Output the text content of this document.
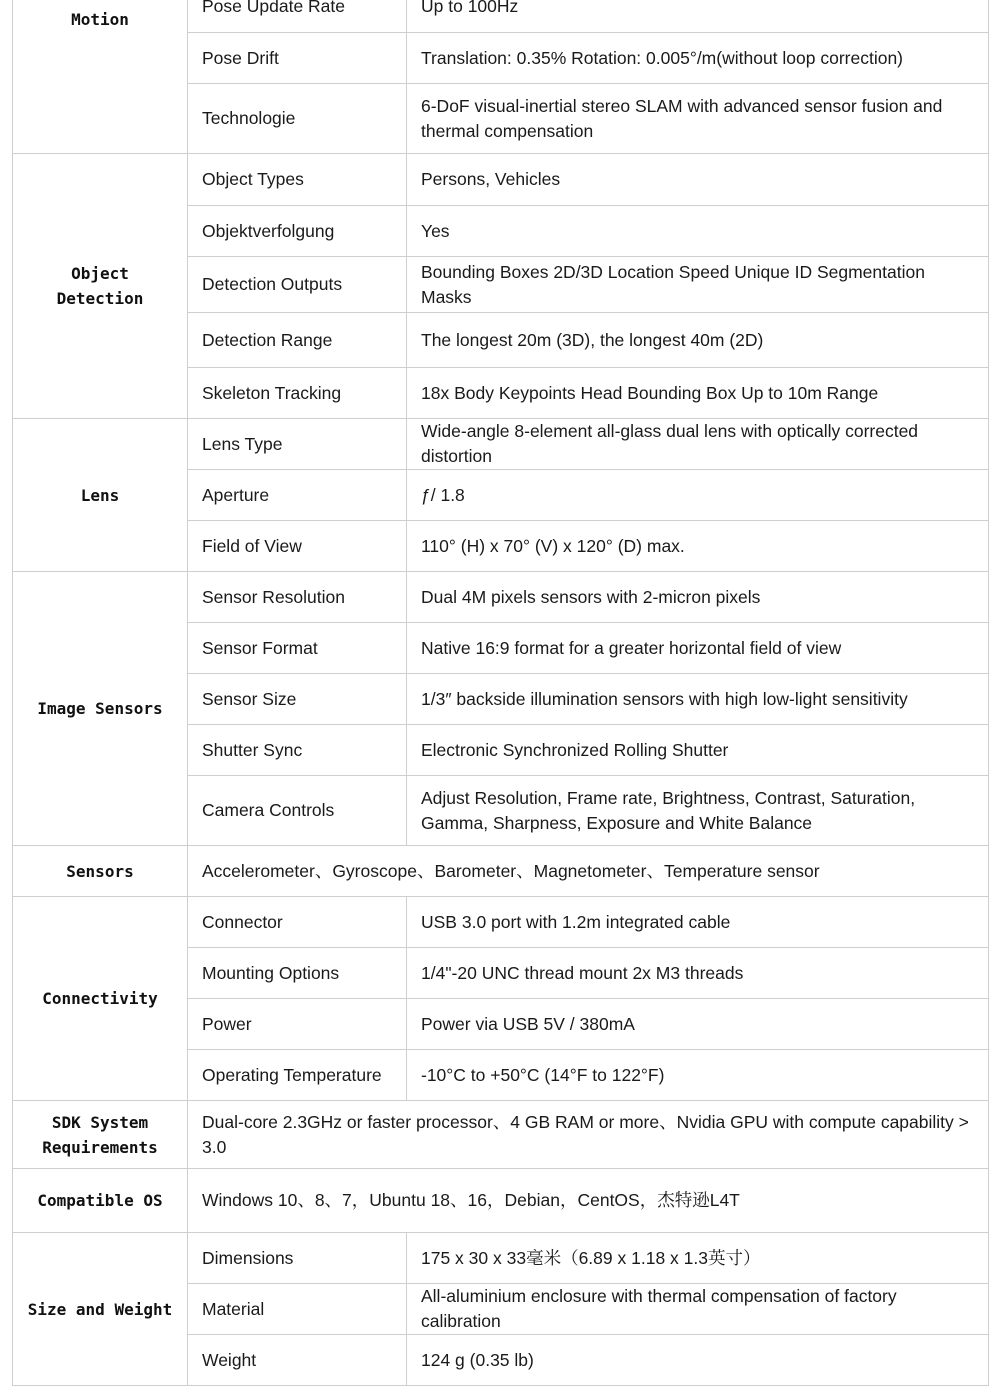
Motion	Pose Update Rate	Up to 100Hz
	Pose Drift	Translation: 0.35% Rotation: 0.005°/m(without loop correction)
	Technologie	6-DoF visual-inertial stereo SLAM with advanced sensor fusion and thermal compensation
Object Detection	Object Types	Persons, Vehicles
	Objektverfolgung	Yes
	Detection Outputs	Bounding Boxes 2D/3D Location Speed Unique ID Segmentation Masks
	Detection Range	The longest 20m (3D), the longest 40m (2D)
	Skeleton Tracking	18x Body Keypoints Head Bounding Box Up to 10m Range
Lens	Lens Type	Wide-angle 8-element all-glass dual lens with optically corrected distortion
	Aperture	ƒ/ 1.8
	Field of View	110° (H) x 70° (V) x 120° (D) max.
Image Sensors	Sensor Resolution	Dual 4M pixels sensors with 2-micron pixels
	Sensor Format	Native 16:9 format for a greater horizontal field of view
	Sensor Size	1/3″ backside illumination sensors with high low-light sensitivity
	Shutter Sync	Electronic Synchronized Rolling Shutter
	Camera Controls	Adjust Resolution, Frame rate, Brightness, Contrast, Saturation, Gamma, Sharpness, Exposure and White Balance
Sensors	Accelerometer、Gyroscope、Barometer、Magnetometer、Temperature sensor	
Connectivity	Connector	USB 3.0 port with 1.2m integrated cable
	Mounting Options	1/4"-20 UNC thread mount 2x M3 threads
	Power	Power via USB 5V / 380mA
	Operating Temperature	-10°C to +50°C (14°F to 122°F)
SDK System Requirements	Dual-core 2.3GHz or faster processor、4 GB RAM or more、Nvidia GPU with compute capability > 3.0	
Compatible OS	Windows 10、8、7，Ubuntu 18、16，Debian，CentOS，杰特逊L4T	
Size and Weight	Dimensions	175 x 30 x 33毫米（6.89 x 1.18 x 1.3英寸）
	Material	All-aluminium enclosure with thermal compensation of factory calibration
	Weight	124 g (0.35 lb)
